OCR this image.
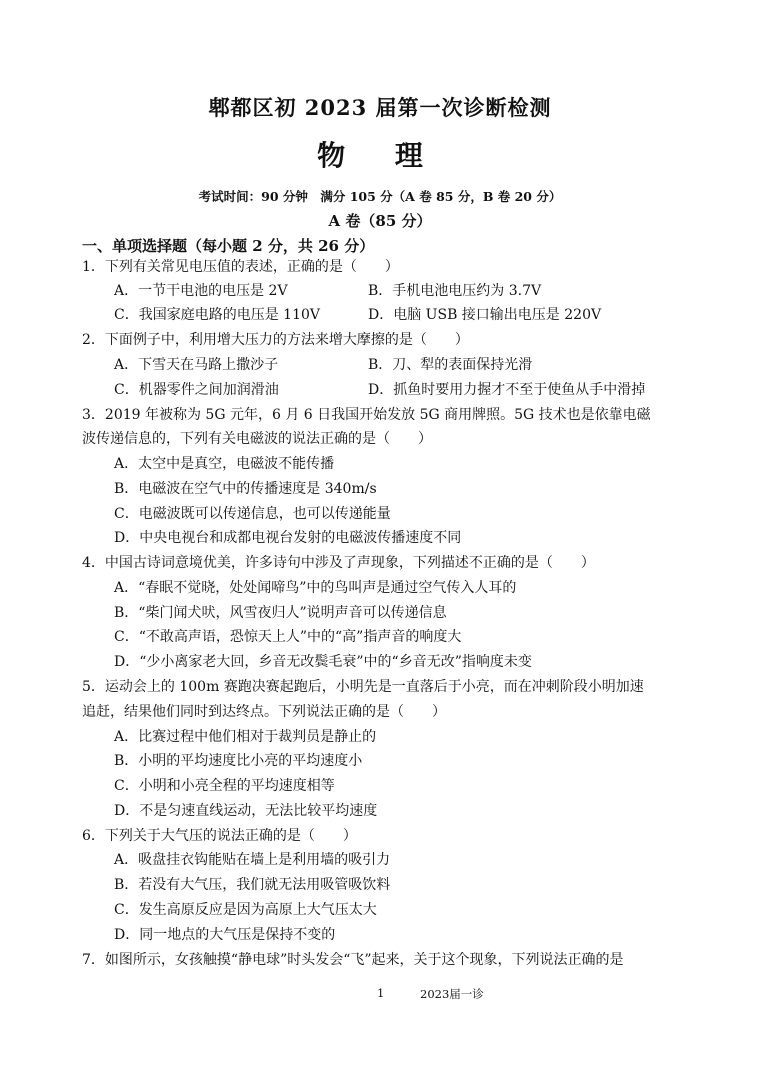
郫都区初 2023 届第一次诊断检测
物 理
考试时间：90 分钟　满分 105 分（A 卷 85 分，B 卷 20 分）
A 卷（85 分）
一、单项选择题（每小题 2 分，共 26 分）
1．下列有关常见电压值的表述，正确的是（　　）
A．一节干电池的电压是 2V	B．手机电池电压约为 3.7V
C．我国家庭电路的电压是 110V	D．电脑 USB 接口输出电压是 220V
2．下面例子中，利用增大压力的方法来增大摩擦的是（　　）
A．下雪天在马路上撒沙子	B．刀、犁的表面保持光滑
C．机器零件之间加润滑油	D．抓鱼时要用力握才不至于使鱼从手中滑掉
3．2019 年被称为 5G 元年，6 月 6 日我国开始发放 5G 商用牌照。5G 技术也是依靠电磁
波传递信息的，下列有关电磁波的说法正确的是（　　）
A．太空中是真空，电磁波不能传播
B．电磁波在空气中的传播速度是 340m/s
C．电磁波既可以传递信息，也可以传递能量
D．中央电视台和成都电视台发射的电磁波传播速度不同
4．中国古诗词意境优美，许多诗句中涉及了声现象，下列描述不正确的是（　　）
A．“春眠不觉晓，处处闻啼鸟”中的鸟叫声是通过空气传入人耳的
B．“柴门闻犬吠，风雪夜归人”说明声音可以传递信息
C．“不敢高声语，恐惊天上人”中的“高”指声音的响度大
D．“少小离家老大回，乡音无改鬓毛衰”中的“乡音无改”指响度未变
5．运动会上的 100m 赛跑决赛起跑后，小明先是一直落后于小亮，而在冲刺阶段小明加速
追赶，结果他们同时到达终点。下列说法正确的是（　　）
A．比赛过程中他们相对于裁判员是静止的
B．小明的平均速度比小亮的平均速度小
C．小明和小亮全程的平均速度相等
D．不是匀速直线运动，无法比较平均速度
6．下列关于大气压的说法正确的是（　　）
A．吸盘挂衣钩能贴在墙上是利用墙的吸引力
B．若没有大气压，我们就无法用吸管吸饮料
C．发生高原反应是因为高原上大气压太大
D．同一地点的大气压是保持不变的
7．如图所示，女孩触摸“静电球”时头发会“飞”起来，关于这个现象，下列说法正确的是
1	2023届一诊
